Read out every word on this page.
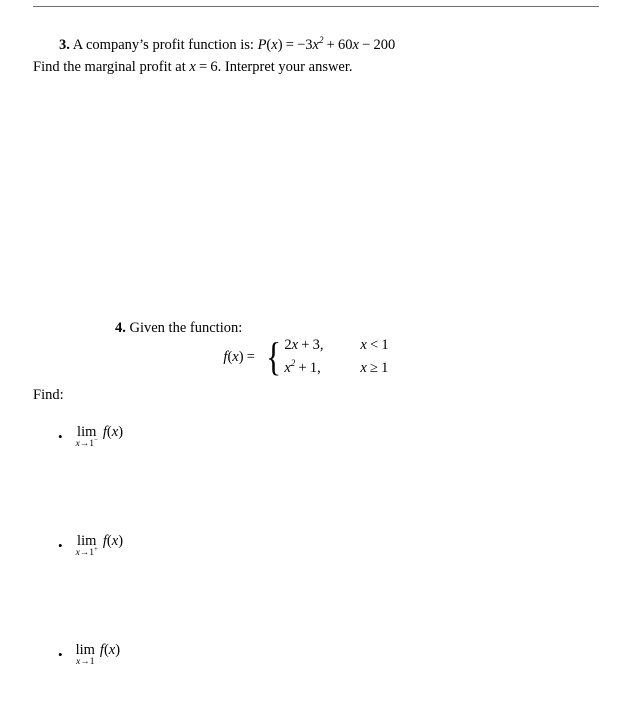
3. A company’s profit function is: $P(x) = -3x^2 + 60x - 200$
Find the marginal profit at x = 6. Interpret your answer.
4. Given the function:
f(x) = { 2x + 3,	x < 1
$x^2 + 1$,	x ≥ 1
Find:
• lim
x→1−
f ( x )
• lim
x→1+
f ( x )
• lim
x→1
f ( x )
